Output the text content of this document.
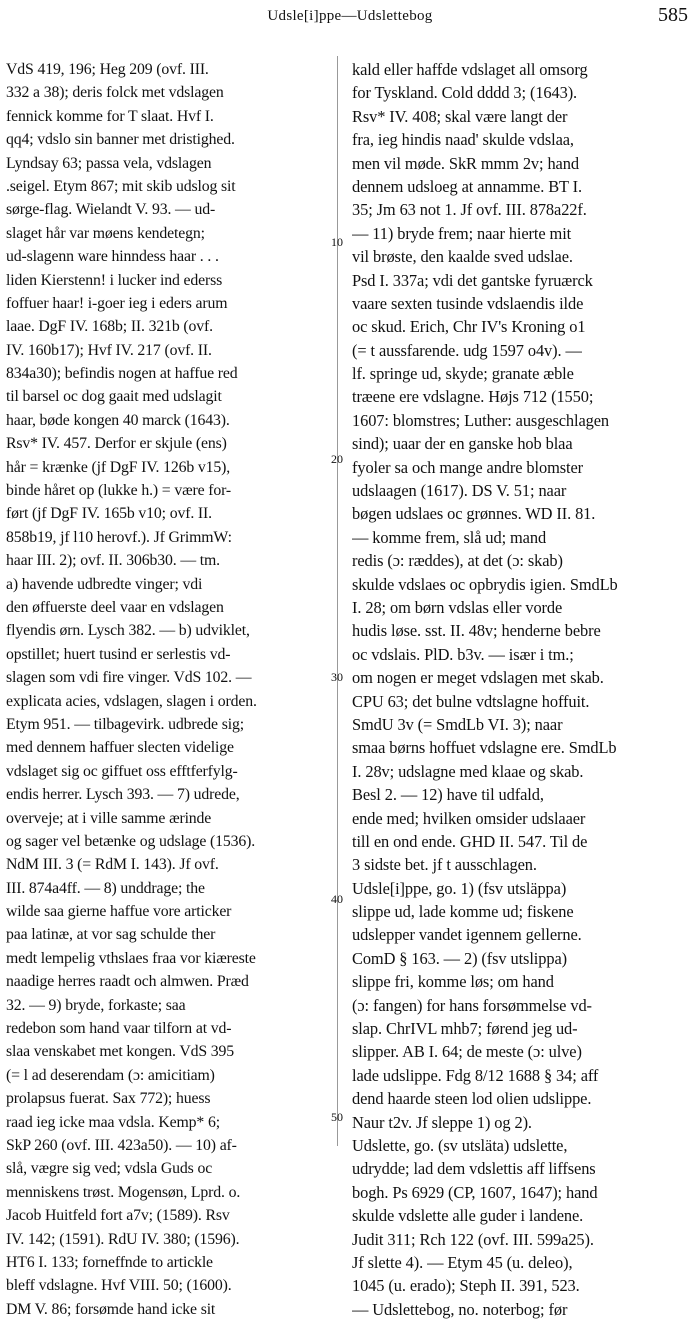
Udsle[i]ppe—Udslettebog	585
10
20
30
40
50
VdS 419, 196; Heg 209 (ovf. III.
332 a 38); deris folck met vdslagen
fennick komme for T slaat. Hvf I.
qq4; vdslo sin banner met dristighed.
Lyndsay 63; passa vela, vdslagen
.seigel. Etym 867; mit skib udslog sit
sørge-flag. Wielandt V. 93. — ud-
slaget hår var møens kendetegn;
ud-slagenn ware hinndess haar . . .
liden Kierstenn! i lucker ind ederss
foffuer haar! i-goer ieg i eders arum
laae. DgF IV. 168b; II. 321b (ovf.
IV. 160b17); Hvf IV. 217 (ovf. II.
834a30); befindis nogen at haffue red
til barsel oc dog gaait med udslagit
haar, bøde kongen 40 marck (1643).
Rsv* IV. 457. Derfor er skjule (ens)
hår = krænke (jf DgF IV. 126b v15),
binde håret op (lukke h.) = være for-
ført (jf DgF IV. 165b v10; ovf. II.
858b19, jf l10 herovf.). Jf GrimmW:
haar III. 2); ovf. II. 306b30. — tm.
a) havende udbredte vinger; vdi
den øffuerste deel vaar en vdslagen
flyendis ørn. Lysch 382. — b) udviklet,
opstillet; huert tusind er serlestis vd-
slagen som vdi fire vinger. VdS 102. —
explicata acies, vdslagen, slagen i orden.
Etym 951. — tilbagevirk. udbrede sig;
med dennem haffuer slecten videlige
vdslaget sig oc giffuet oss efftferfylg-
endis herrer. Lysch 393. — 7) udrede,
overveje; at i ville samme ærinde
og sager vel betænke og udslage (1536).
NdM III. 3 (= RdM I. 143). Jf ovf.
III. 874a4ff. — 8) unddrage; the
wilde saa gierne haffue vore articker
paa latinæ, at vor sag schulde ther
medt lempelig vthslaes fraa vor kiæreste
naadige herres raadt och almwen. Præd
32. — 9) bryde, forkaste; saa
redebon som hand vaar tilforn at vd-
slaa venskabet met kongen. VdS 395
(= l ad deserendam (ɔ: amicitiam)
prolapsus fuerat. Sax 772); huess
raad ieg icke maa vdsla. Kemp* 6;
SkP 260 (ovf. III. 423a50). — 10) af-
slå, vægre sig ved; vdsla Guds oc
menniskens trøst. Mogensøn, Lprd. o.
Jacob Huitfeld fort a7v; (1589). Rsv
IV. 142; (1591). RdU IV. 380; (1596).
HT6 I. 133; forneffnde to artickle
bleff vdslagne. Hvf VIII. 50; (1600).
DM V. 86; forsømde hand icke sit
kald eller haffde vdslaget all omsorg
for Tyskland. Cold dddd 3; (1643).
Rsv* IV. 408; skal være langt der
fra, ieg hindis naad' skulde vdslaa,
men vil møde. SkR mmm 2v; hand
dennem udsloeg at annamme. BT I.
35; Jm 63 not 1. Jf ovf. III. 878a22f.
— 11) bryde frem; naar hierte mit
vil brøste, den kaalde sved udslae.
Psd I. 337a; vdi det gantske fyruærck
vaare sexten tusinde vdslaendis ilde
oc skud. Erich, Chr IV's Kroning o1
(= t aussfarende. udg 1597 o4v). —
lf. springe ud, skyde; granate æble
træene ere vdslagne. Højs 712 (1550;
1607: blomstres; Luther: ausgeschlagen
sind); uaar der en ganske hob blaa
fyoler sa och mange andre blomster
udslaagen (1617). DS V. 51; naar
bøgen udslaes oc grønnes. WD II. 81.
— komme frem, slå ud; mand
redis (ɔ: ræddes), at det (ɔ: skab)
skulde vdslaes oc opbrydis igien. SmdLb
I. 28; om børn vdslas eller vorde
hudis løse. sst. II. 48v; henderne bebre
oc vdslais. PlD. b3v. — især i tm.;
om nogen er meget vdslagen met skab.
CPU 63; det bulne vdtslagne hoffuit.
SmdU 3v (= SmdLb VI. 3); naar
smaa børns hoffuet vdslagne ere. SmdLb
I. 28v; udslagne med klaae og skab.
Besl 2. — 12) have til udfald,
ende med; hvilken omsider udslaaer
till en ond ende. GHD II. 547. Til de
3 sidste bet. jf t ausschlagen.
Udsle[i]ppe, go. 1) (fsv utsläppa)
slippe ud, lade komme ud; fiskene
udslepper vandet igennem gellerne.
ComD § 163. — 2) (fsv utslippa)
slippe fri, komme løs; om hand
(ɔ: fangen) for hans forsømmelse vd-
slap. ChrIVL mhb7; førend jeg ud-
slipper. AB I. 64; de meste (ɔ: ulve)
lade udslippe. Fdg 8/12 1688 § 34; aff
dend haarde steen lod olien udslippe.
Naur t2v. Jf sleppe 1) og 2).
Udslette, go. (sv utsläta) udslette,
udrydde; lad dem vdslettis aff liffsens
bogh. Ps 6929 (CP, 1607, 1647); hand
skulde vdslette alle guder i landene.
Judit 311; Rch 122 (ovf. III. 599a25).
Jf slette 4). — Etym 45 (u. deleo),
1045 (u. erado); Steph II. 391, 523.
— Udslettebog, no. noterbog; før
